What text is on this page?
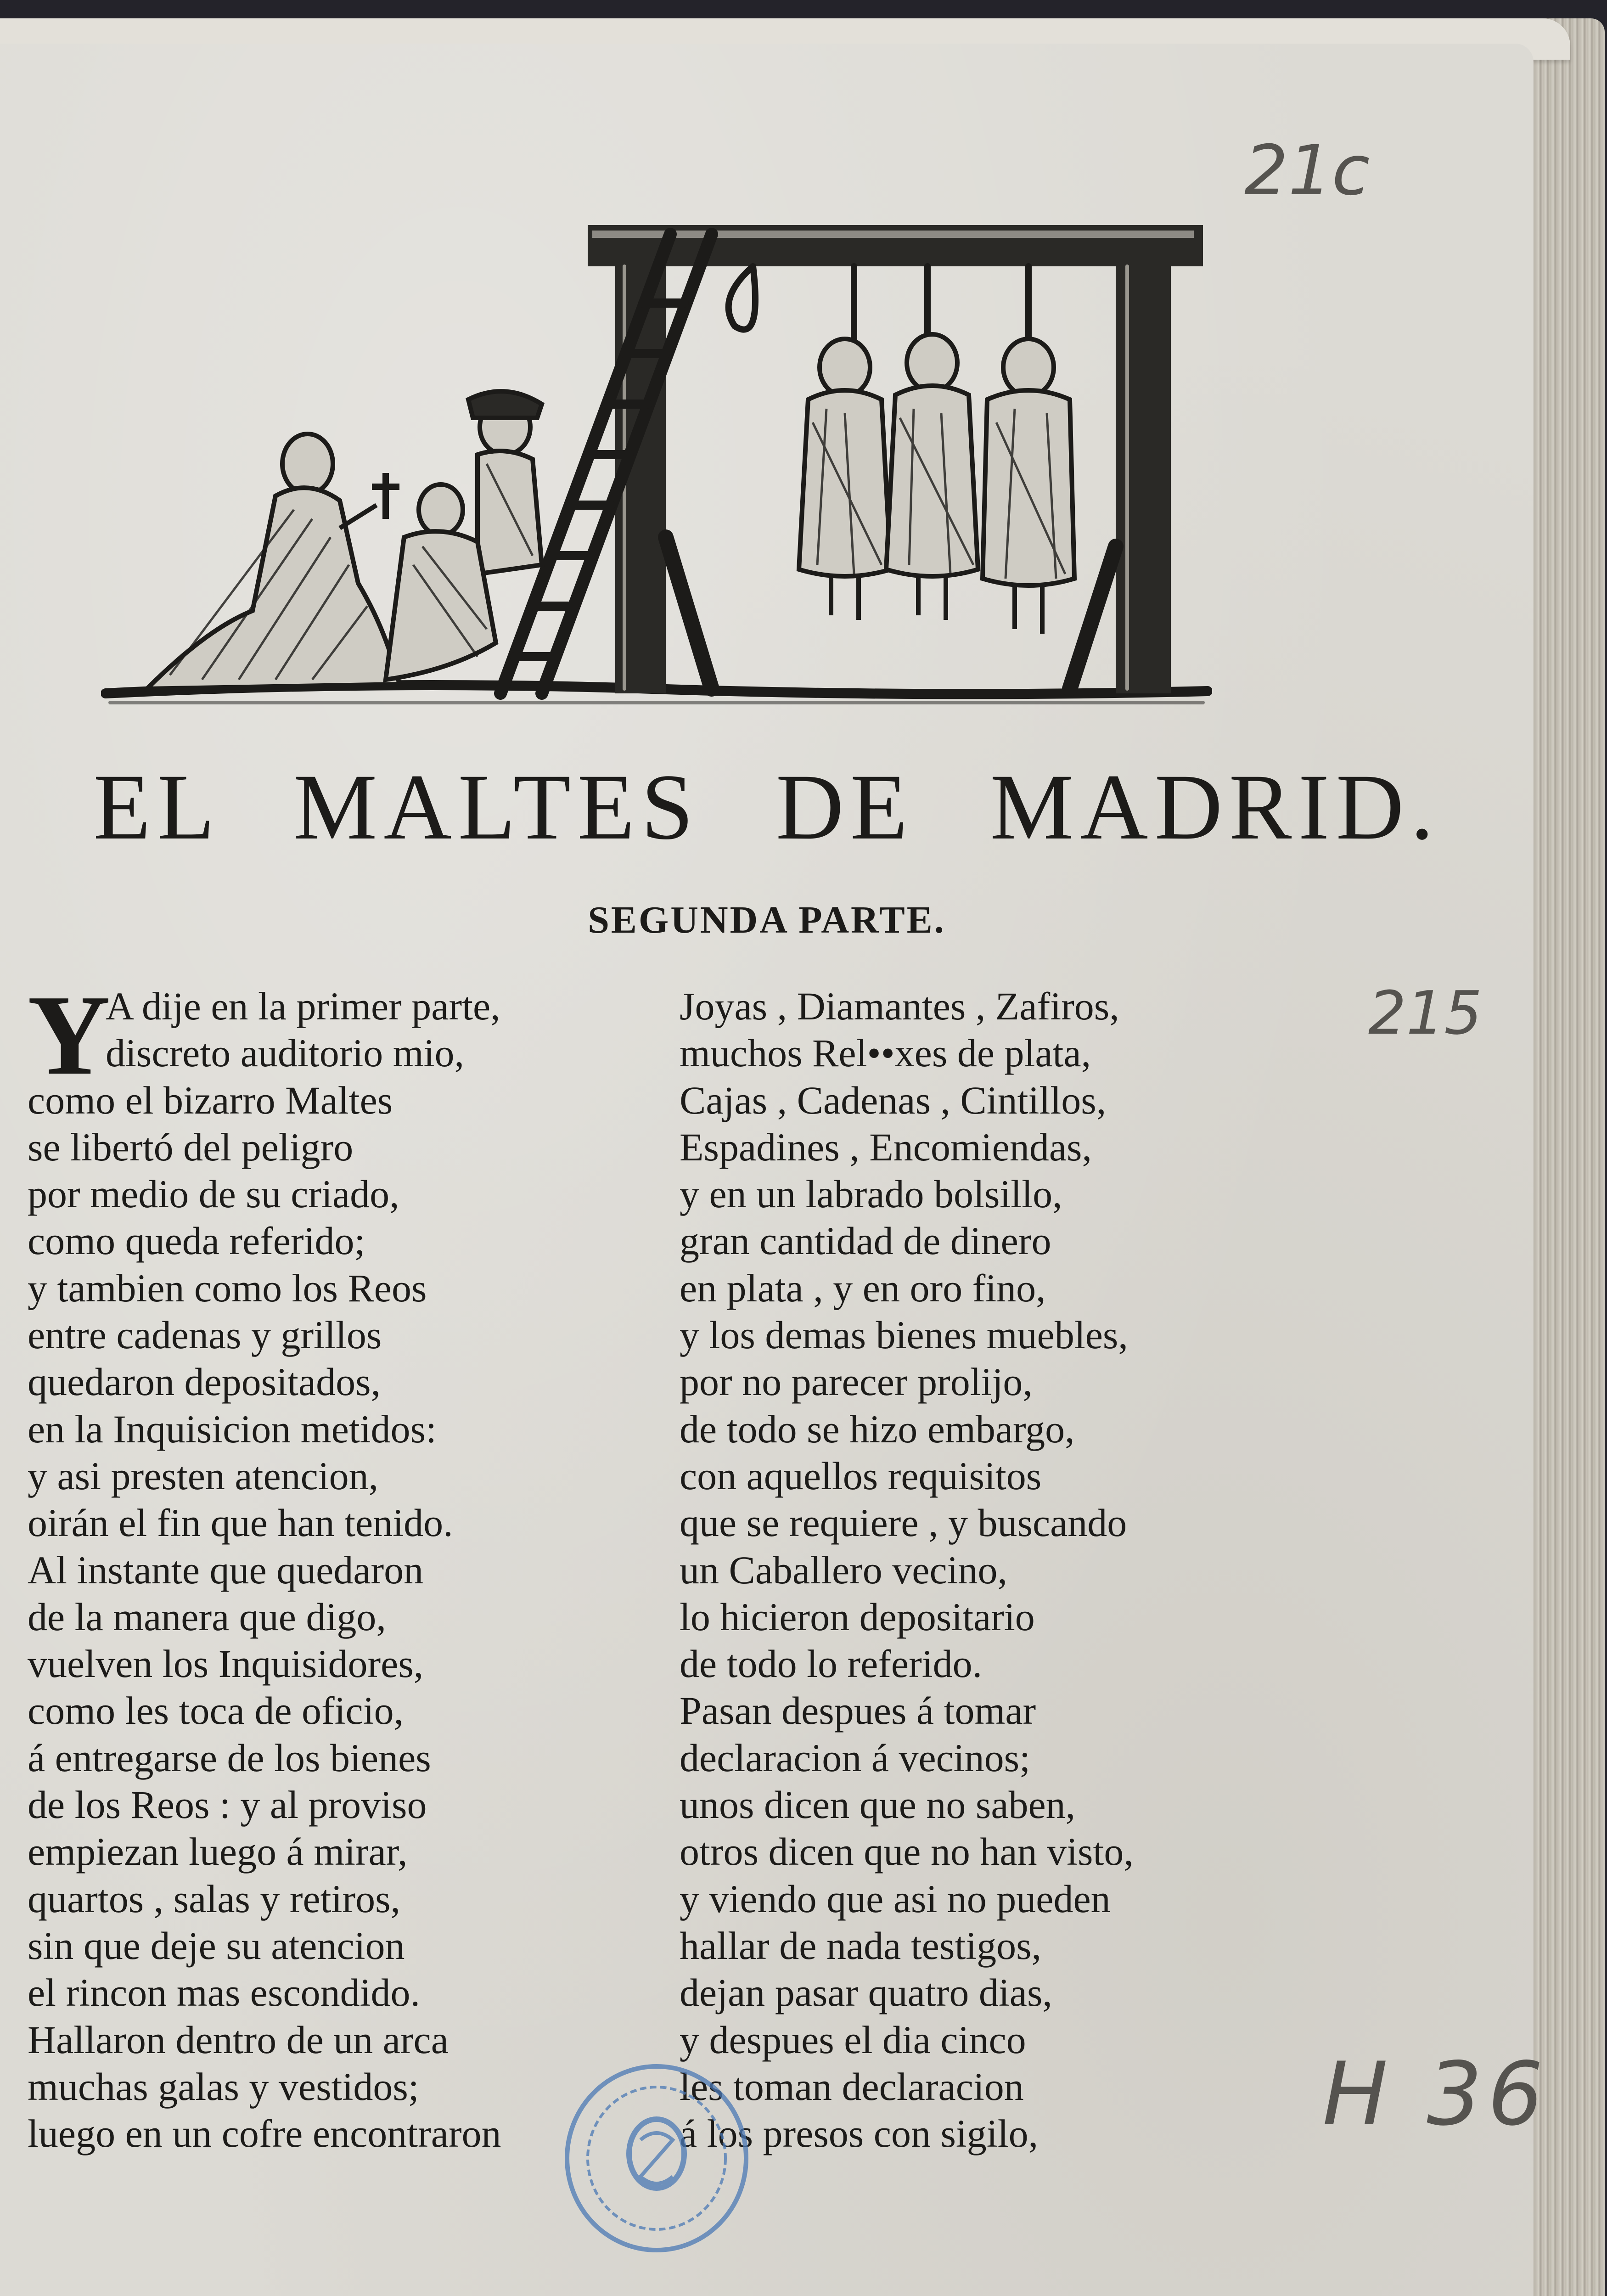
21c
215
H 36
EL MALTES DE MADRID.
SEGUNDA PARTE.
Y
A dije en la primer parte,
discreto auditorio mio,
como el bizarro Maltes
se libertó del peligro
por medio de su criado,
como queda referido;
y tambien como los Reos
entre cadenas y grillos
quedaron depositados,
en la Inquisicion metidos:
y asi presten atencion,
oirán el fin que han tenido.
Al instante que quedaron
de la manera que digo,
vuelven los Inquisidores,
como les toca de oficio,
á entregarse de los bienes
de los Reos : y al proviso
empiezan luego á mirar,
quartos , salas y retiros,
sin que deje su atencion
el rincon mas escondido.
Hallaron dentro de un arca
muchas galas y vestidos;
luego en un cofre encontraron
Joyas , Diamantes , Zafiros,
muchos Rel••xes de plata,
Cajas , Cadenas , Cintillos,
Espadines , Encomiendas,
y en un labrado bolsillo,
gran cantidad de dinero
en plata , y en oro fino,
y los demas bienes muebles,
por no parecer prolijo,
de todo se hizo embargo,
con aquellos requisitos
que se requiere , y buscando
un Caballero vecino,
lo hicieron depositario
de todo lo referido.
Pasan despues á tomar
declaracion á vecinos;
unos dicen que no saben,
otros dicen que no han visto,
y viendo que asi no pueden
hallar de nada testigos,
dejan pasar quatro dias,
y despues el dia cinco
les toman declaracion
á los presos con sigilo,
